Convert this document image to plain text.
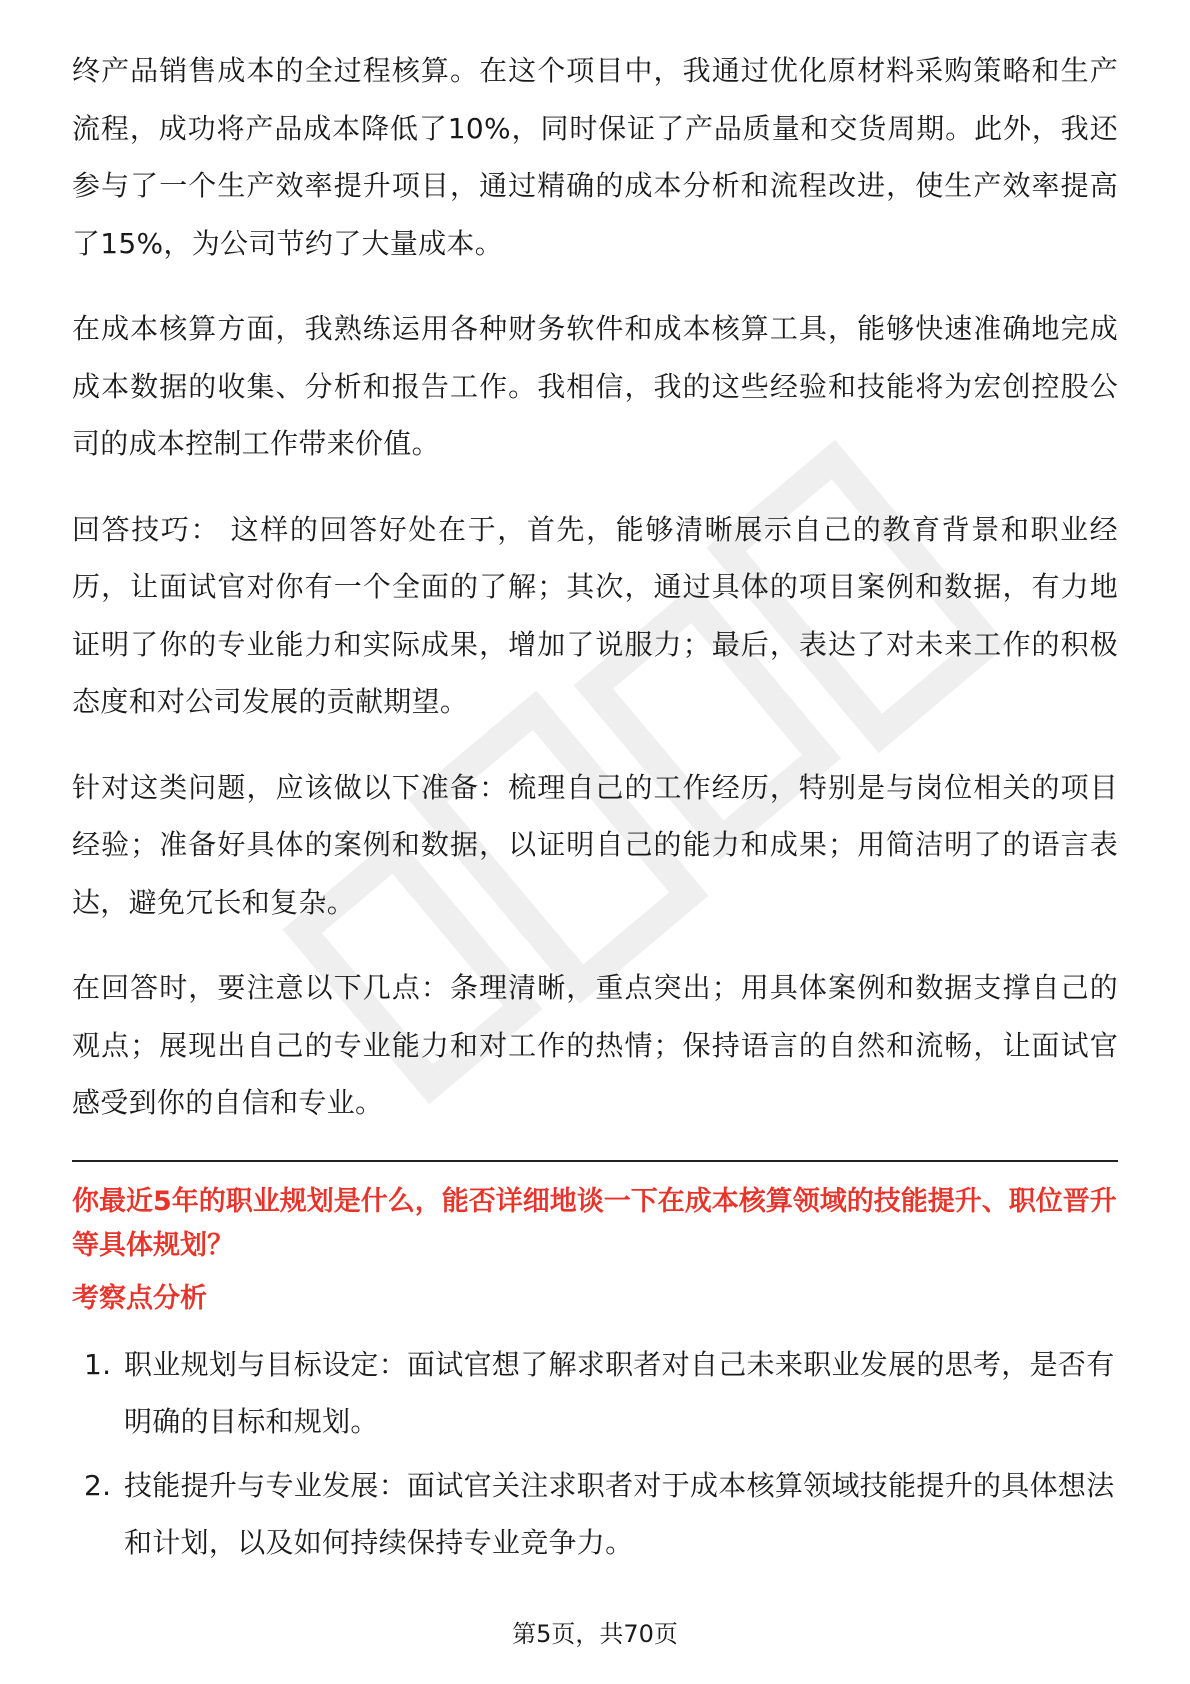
终产品销售成本的全过程核算。在这个项目中，我通过优化原材料采购策略和生产流程，成功将产品成本降低了10%，同时保证了产品质量和交货周期。此外，我还参与了一个生产效率提升项目，通过精确的成本分析和流程改进，使生产效率提高了15%，为公司节约了大量成本。

在成本核算方面，我熟练运用各种财务软件和成本核算工具，能够快速准确地完成成本数据的收集、分析和报告工作。我相信，我的这些经验和技能将为宏创控股公司的成本控制工作带来价值。

回答技巧： 这样的回答好处在于，首先，能够清晰展示自己的教育背景和职业经历，让面试官对你有一个全面的了解；其次，通过具体的项目案例和数据，有力地证明了你的专业能力和实际成果，增加了说服力；最后，表达了对未来工作的积极态度和对公司发展的贡献期望。

针对这类问题，应该做以下准备：梳理自己的工作经历，特别是与岗位相关的项目经验；准备好具体的案例和数据，以证明自己的能力和成果；用简洁明了的语言表达，避免冗长和复杂。

在回答时，要注意以下几点：条理清晰，重点突出；用具体案例和数据支撑自己的观点；展现出自己的专业能力和对工作的热情；保持语言的自然和流畅，让面试官感受到你的自信和专业。

你最近5年的职业规划是什么，能否详细地谈一下在成本核算领域的技能提升、职位晋升等具体规划？
考察点分析
1. 职业规划与目标设定：面试官想了解求职者对自己未来职业发展的思考，是否有明确的目标和规划。
2. 技能提升与专业发展：面试官关注求职者对于成本核算领域技能提升的具体想法和计划，以及如何持续保持专业竞争力。
第5页，共70页
